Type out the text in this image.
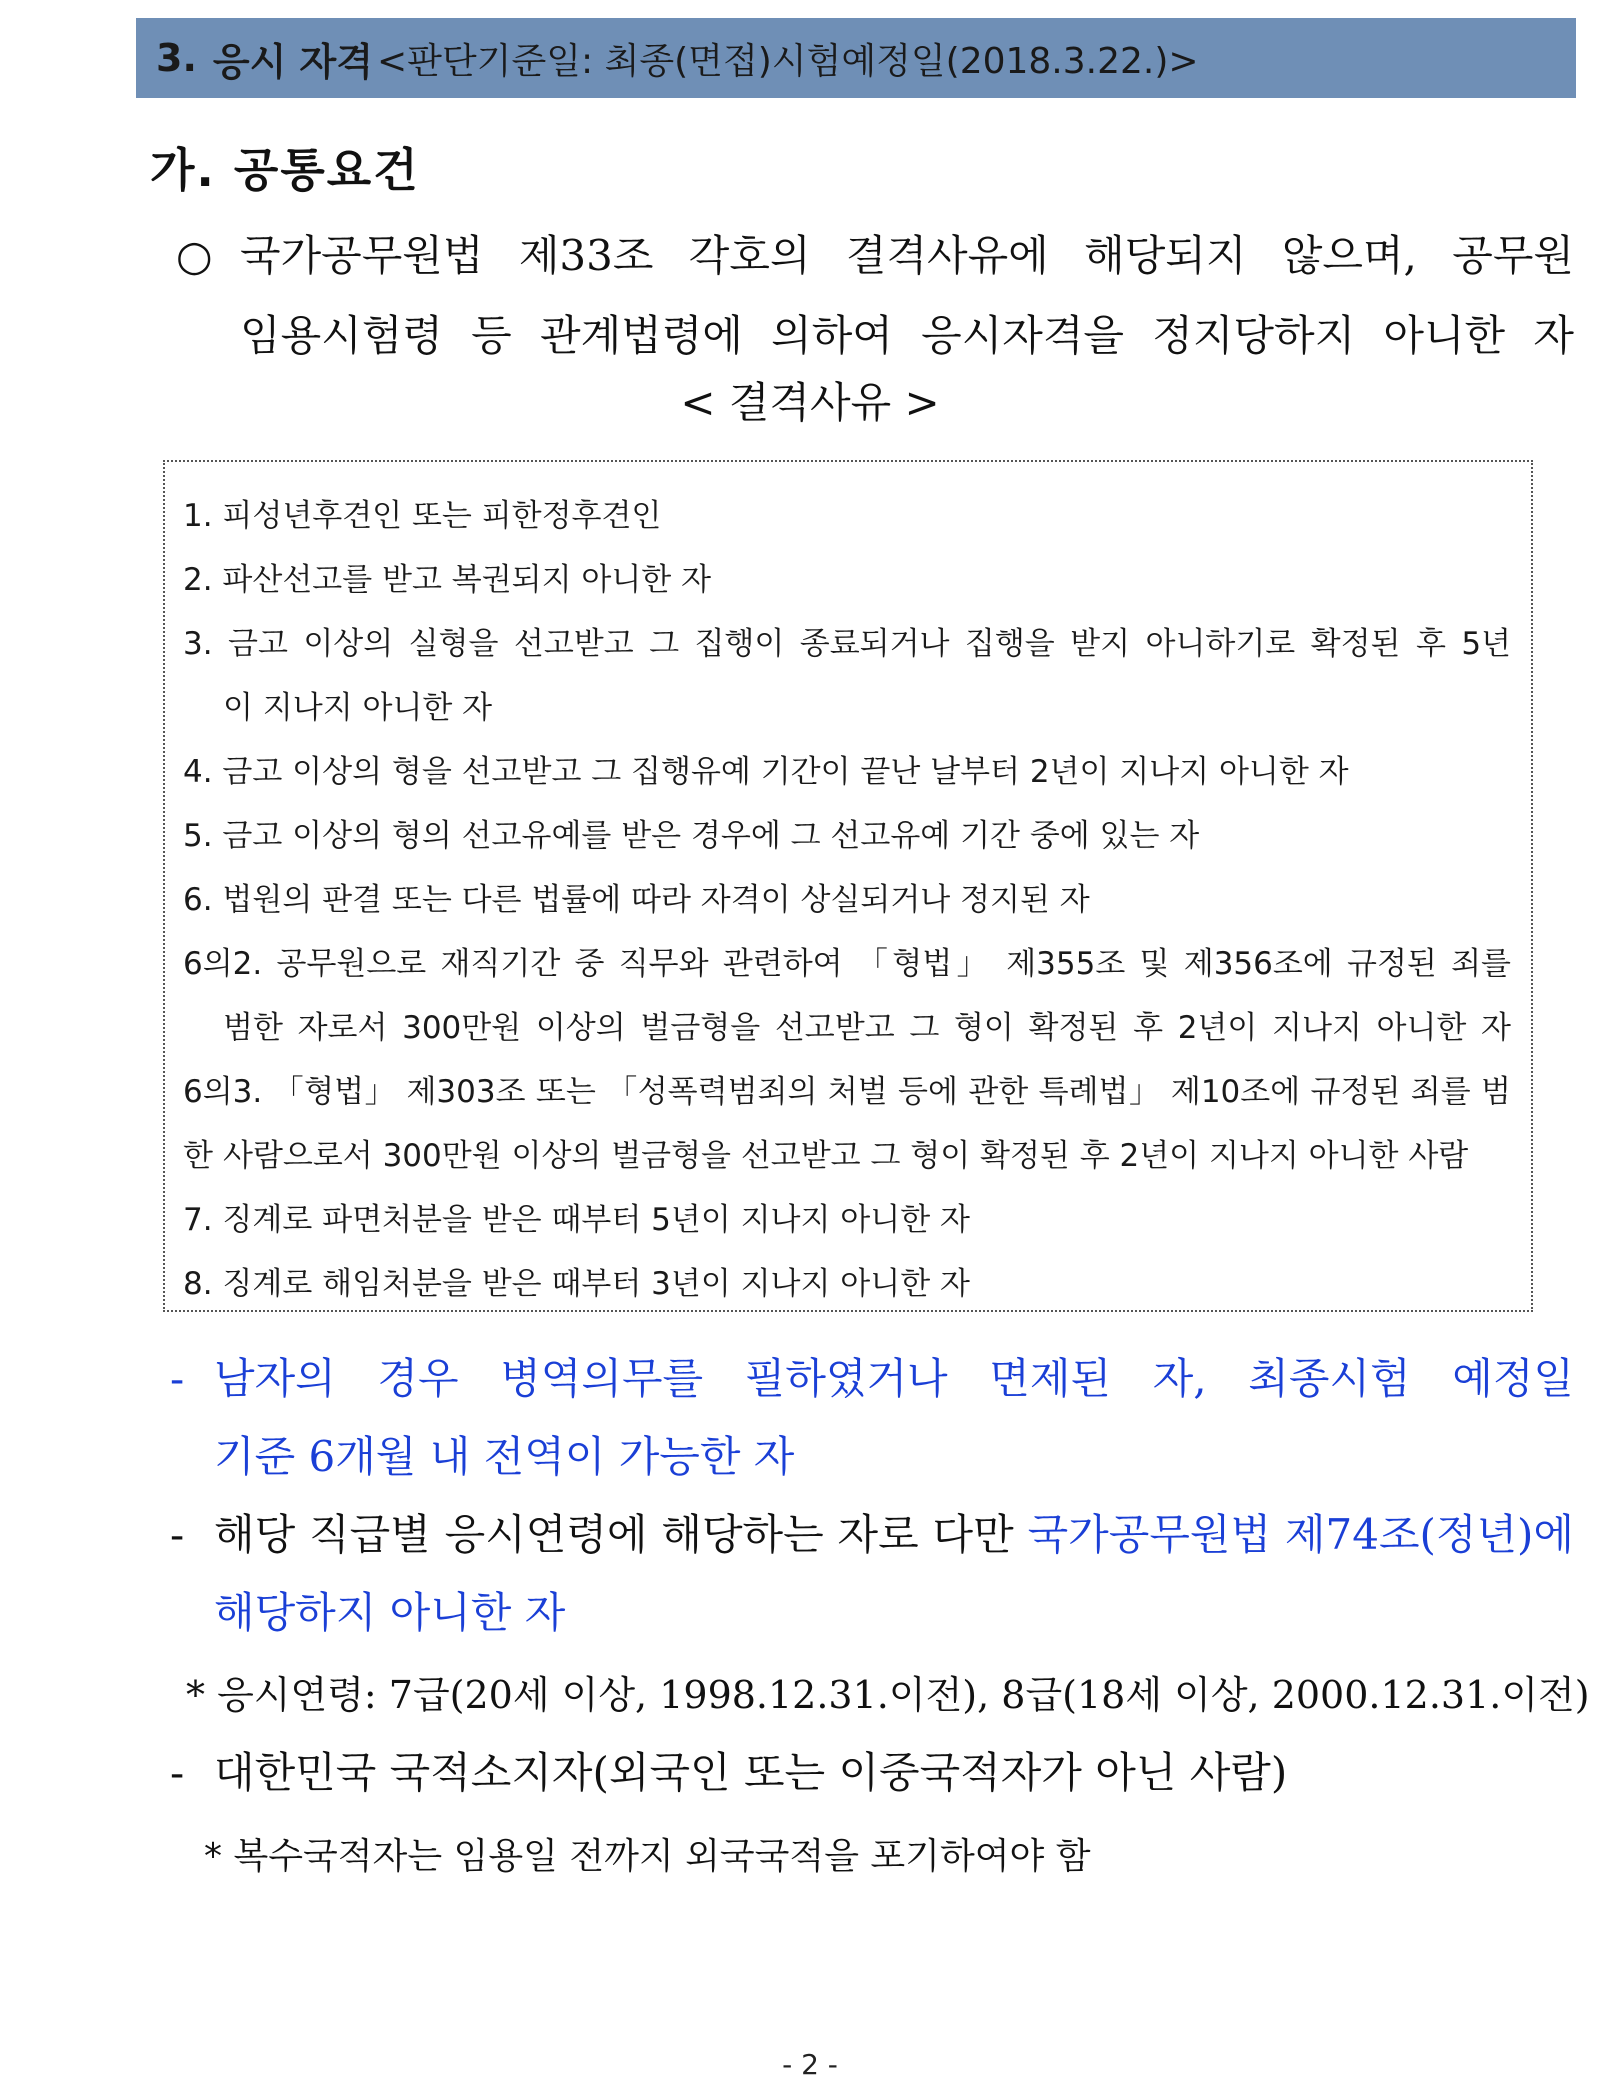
3. 응시 자격 <판단기준일: 최종(면접)시험예정일(2018.3.22.)>
가. 공통요건
○ 국가공무원법 제33조 각호의 결격사유에 해당되지 않으며, 공무원
임용시험령 등 관계법령에 의하여 응시자격을 정지당하지 아니한 자
< 결격사유 >
1. 피성년후견인 또는 피한정후견인
2. 파산선고를 받고 복권되지 아니한 자
3. 금고 이상의 실형을 선고받고 그 집행이 종료되거나 집행을 받지 아니하기로 확정된 후 5년
이 지나지 아니한 자
4. 금고 이상의 형을 선고받고 그 집행유예 기간이 끝난 날부터 2년이 지나지 아니한 자
5. 금고 이상의 형의 선고유예를 받은 경우에 그 선고유예 기간 중에 있는 자
6. 법원의 판결 또는 다른 법률에 따라 자격이 상실되거나 정지된 자
6의2. 공무원으로 재직기간 중 직무와 관련하여 「형법」 제355조 및 제356조에 규정된 죄를
범한 자로서 300만원 이상의 벌금형을 선고받고 그 형이 확정된 후 2년이 지나지 아니한 자
6의3. 「형법」 제303조 또는 「성폭력범죄의 처벌 등에 관한 특례법」 제10조에 규정된 죄를 범한 사람으로서 300만원 이상의 벌금형을 선고받고 그 형이 확정된 후 2년이 지나지 아니한 사람
7. 징계로 파면처분을 받은 때부터 5년이 지나지 아니한 자
8. 징계로 해임처분을 받은 때부터 3년이 지나지 아니한 자
- 남자의 경우 병역의무를 필하였거나 면제된 자, 최종시험 예정일
기준 6개월 내 전역이 가능한 자
- 해당 직급별 응시연령에 해당하는 자로 다만 국가공무원법 제74조(정년)에
해당하지 아니한 자
* 응시연령: 7급(20세 이상, 1998.12.31.이전), 8급(18세 이상, 2000.12.31.이전)
- 대한민국 국적소지자(외국인 또는 이중국적자가 아닌 사람)
* 복수국적자는 임용일 전까지 외국국적을 포기하여야 함
- 2 -
